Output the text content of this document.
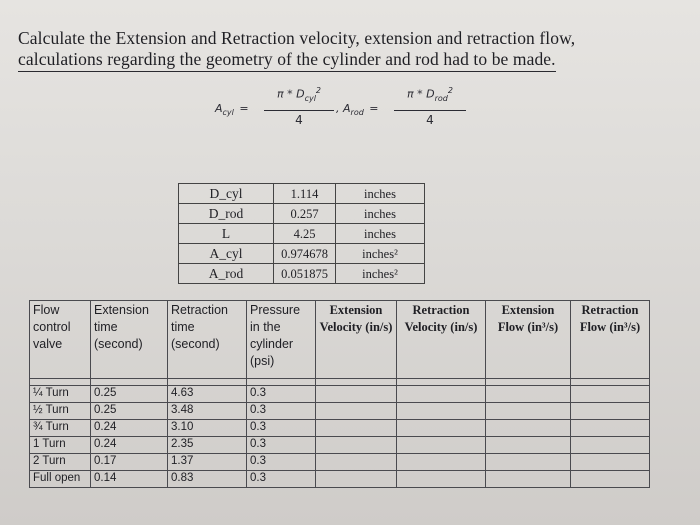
Calculate the Extension and Retraction velocity, extension and retraction flow,
calculations regarding the geometry of the cylinder and rod had to be made.
$A_{cyl}$ =
π * $D_{cyl}^2$
4
, $A_{rod}$ =
π * $D_{rod}^2$
4
D_cyl	1.114	inches
D_rod	0.257	inches
L	4.25	inches
A_cyl	0.974678	inches²
A_rod	0.051875	inches²
Flow control valve	Extension time (second)	Retraction time (second)	Pressure in the cylinder (psi)	Extension Velocity (in/s)	Retraction Velocity (in/s)	Extension Flow (in³/s)	Retraction Flow (in³/s)

¼ Turn	0.25	4.63	0.3				
½ Turn	0.25	3.48	0.3				
¾ Turn	0.24	3.10	0.3				
1 Turn	0.24	2.35	0.3				
2 Turn	0.17	1.37	0.3				
Full open	0.14	0.83	0.3				
